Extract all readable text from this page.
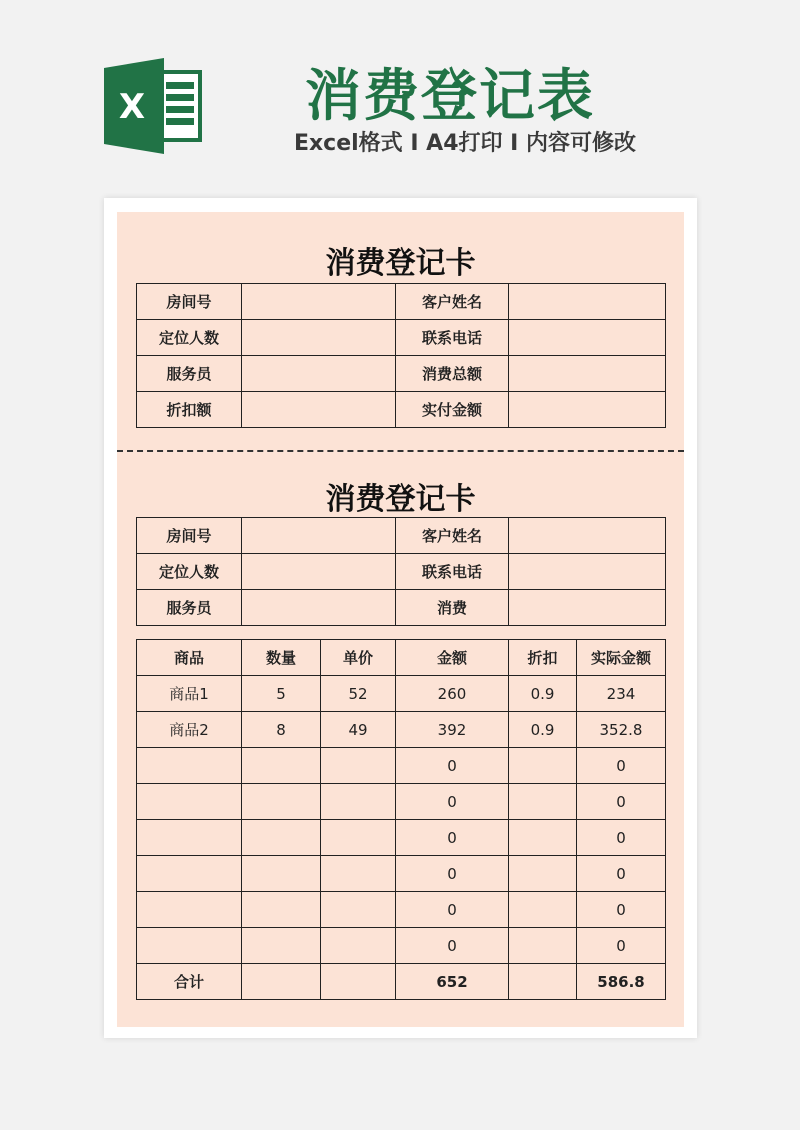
X	消费登记表
Excel格式 I A4打印 I 内容可修改
消费登记卡
房间号		客户姓名	
定位人数		联系电话	
服务员		消费总额	
折扣额		实付金额	
消费登记卡
房间号		客户姓名	
定位人数		联系电话	
服务员		消费	
商品	数量	单价	金额	折扣	实际金额
商品1	5	52	260	0.9	234
商品2	8	49	392	0.9	352.8
			0		0
			0		0
			0		0
			0		0
			0		0
			0		0
合计			652		586.8
